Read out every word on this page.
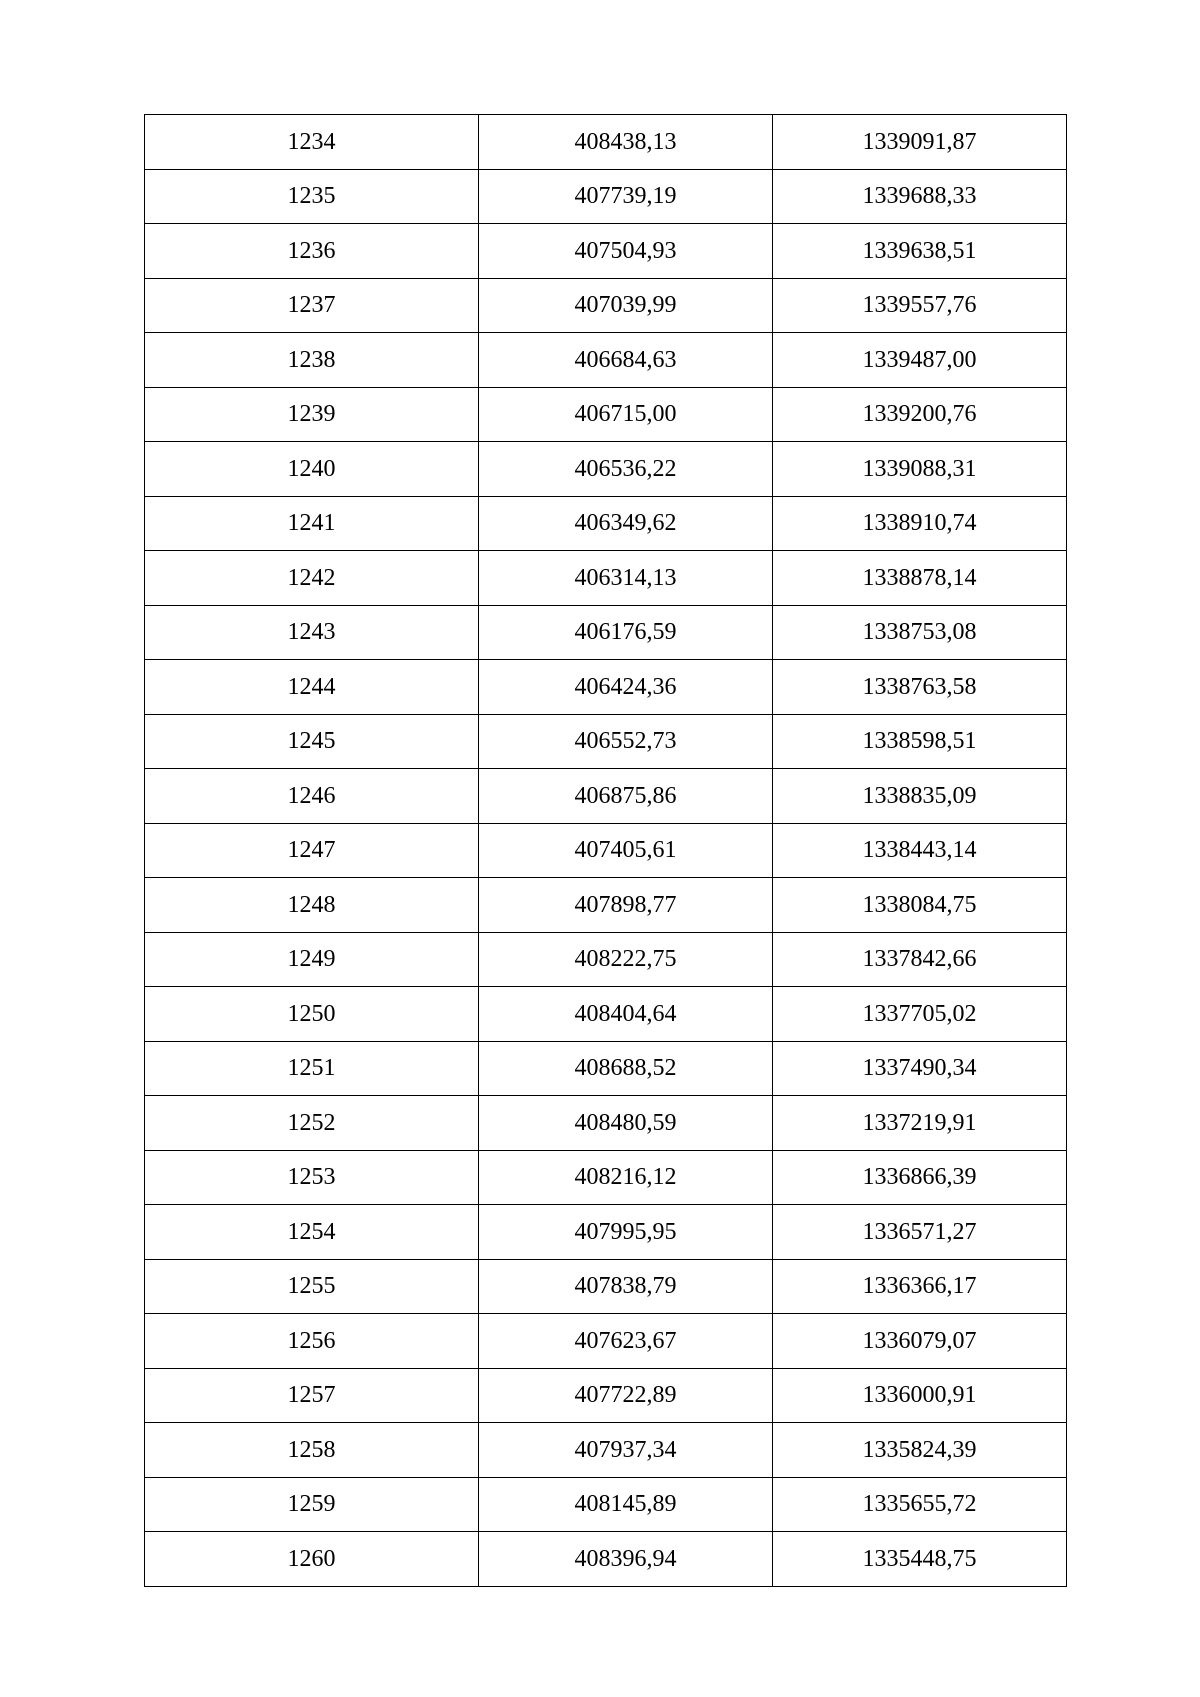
1234	408438,13	1339091,87
1235	407739,19	1339688,33
1236	407504,93	1339638,51
1237	407039,99	1339557,76
1238	406684,63	1339487,00
1239	406715,00	1339200,76
1240	406536,22	1339088,31
1241	406349,62	1338910,74
1242	406314,13	1338878,14
1243	406176,59	1338753,08
1244	406424,36	1338763,58
1245	406552,73	1338598,51
1246	406875,86	1338835,09
1247	407405,61	1338443,14
1248	407898,77	1338084,75
1249	408222,75	1337842,66
1250	408404,64	1337705,02
1251	408688,52	1337490,34
1252	408480,59	1337219,91
1253	408216,12	1336866,39
1254	407995,95	1336571,27
1255	407838,79	1336366,17
1256	407623,67	1336079,07
1257	407722,89	1336000,91
1258	407937,34	1335824,39
1259	408145,89	1335655,72
1260	408396,94	1335448,75
